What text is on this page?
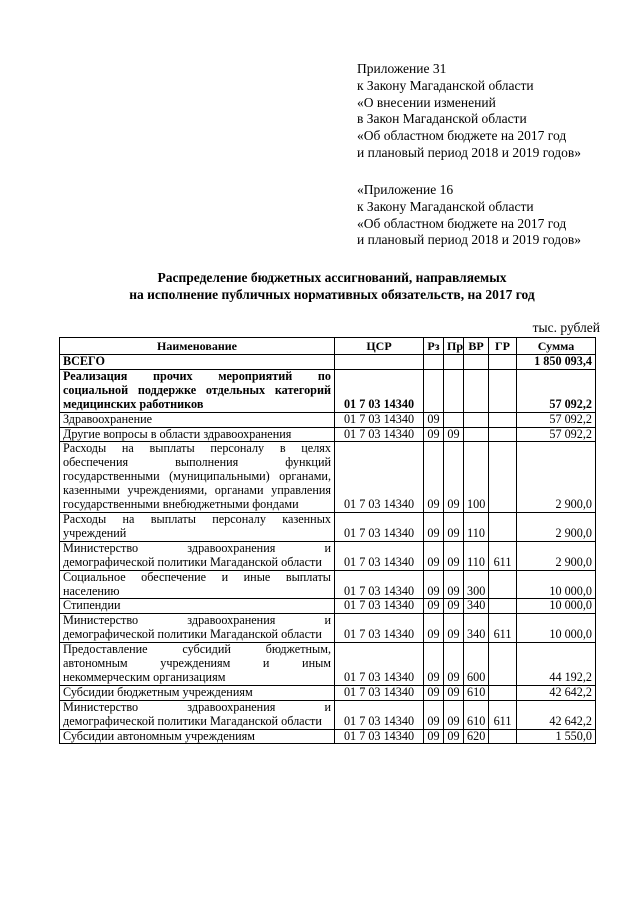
Приложение 31
к Закону Магаданской области
«О внесении изменений
в Закон Магаданской области
«Об областном бюджете на 2017 год
и плановый период 2018 и 2019 годов»
«Приложение 16
к Закону Магаданской области
«Об областном бюджете на 2017 год
и плановый период 2018 и 2019 годов»
Распределение бюджетных ассигнований, направляемых
на исполнение публичных нормативных обязательств, на 2017 год
тыс. рублей
Наименование	ЦСР	Рз	Пр	ВР	ГР	Сумма
ВСЕГО						1 850 093,4
Реализация прочих мероприятий по социальной поддержке отдельных категорий медицинских работников	01 7 03 14340					57 092,2
Здравоохранение	01 7 03 14340	09				57 092,2
Другие вопросы в области здравоохранения	01 7 03 14340	09	09			57 092,2
Расходы на выплаты персоналу в целях обеспечения выполнения функций государственными (муниципальными) органами, казенными учреждениями, органами управления государственными внебюджетными фондами	01 7 03 14340	09	09	100		2 900,0
Расходы на выплаты персоналу казенных учреждений	01 7 03 14340	09	09	110		2 900,0
Министерство здравоохранения и демографической политики Магаданской области	01 7 03 14340	09	09	110	611	2 900,0
Социальное обеспечение и иные выплаты населению	01 7 03 14340	09	09	300		10 000,0
Стипендии	01 7 03 14340	09	09	340		10 000,0
Министерство здравоохранения и демографической политики Магаданской области	01 7 03 14340	09	09	340	611	10 000,0
Предоставление субсидий бюджетным, автономным учреждениям и иным некоммерческим организациям	01 7 03 14340	09	09	600		44 192,2
Субсидии бюджетным учреждениям	01 7 03 14340	09	09	610		42 642,2
Министерство здравоохранения и демографической политики Магаданской области	01 7 03 14340	09	09	610	611	42 642,2
Субсидии автономным учреждениям	01 7 03 14340	09	09	620		1 550,0
